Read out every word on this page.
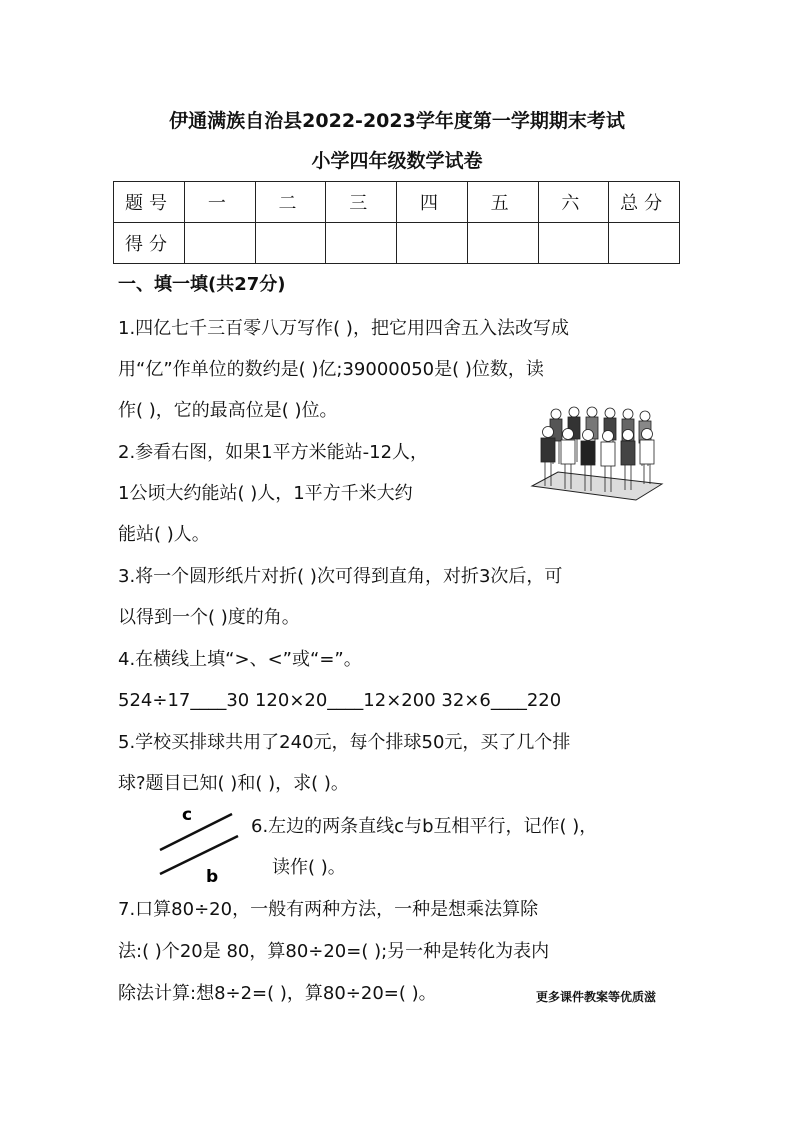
伊通满族自治县2022-2023学年度第一学期期末考试
小学四年级数学试卷
题号	一	二	三	四	五	六	总分
得分							
一、填一填(共27分)
1.四亿七千三百零八万写作( )，把它用四舍五入法改写成
用“亿”作单位的数约是( )亿;39000050是( )位数，读
作( )，它的最高位是( )位。
2.参看右图，如果1平方米能站-12人，
1公顷大约能站( )人，1平方千米大约
能站( )人。
3.将一个圆形纸片对折( )次可得到直角，对折3次后，可
以得到一个( )度的角。
4.在横线上填“>、<”或“=”。
524÷17____30 120×20____12×200 32×6____220
5.学校买排球共用了240元，每个排球50元，买了几个排
球?题目已知( )和( )，求( )。
6.左边的两条直线c与b互相平行，记作( )，
读作( )。
7.口算80÷20，一般有两种方法，一种是想乘法算除
法:( )个20是 80，算80÷20=( );另一种是转化为表内
除法计算:想8÷2=( )，算80÷20=( )。
c
b
更多课件教案等优质滋
